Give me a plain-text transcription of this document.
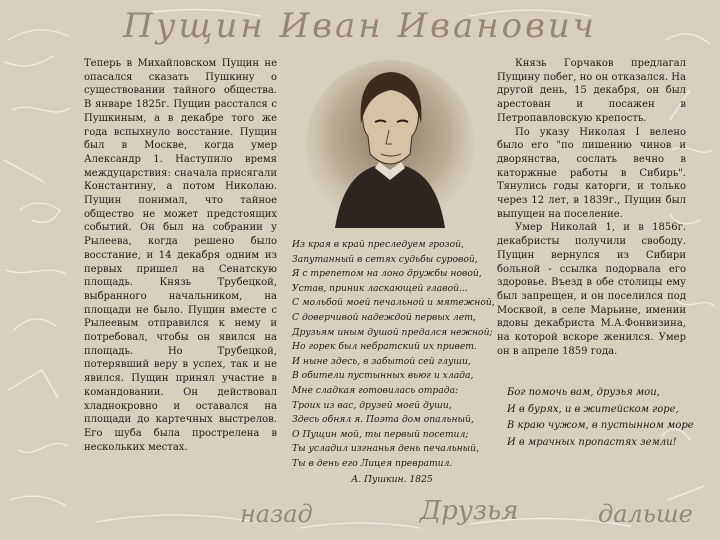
Пущин Иван Иванович

Теперь в Михайловском Пущин не опасался сказать Пушкину о существовании тайного общества. В январе 1825г. Пущин расстался с Пушкиным, а в декабре того же года вспыхнуло восстание. Пущин был в Москве, когда умер Александр 1. Наступило время междуцарствия: сначала присягали Константину, а потом Николаю. Пущин понимал, что тайное общество не может предстоящих событий. Он был на собрании у Рылеева, когда решено было восстание, и 14 декабря одним из первых пришел на Сенатскую площадь. Князь Трубецкой, выбранного начальником, на площади не было. Пущин вместе с Рылеевым отправился к нему и потребовал, чтобы он явился на площадь. Но Трубецкой, потерявший веру в успех, так и не явился. Пущин принял участие в командовании. Он действовал хладнокровно и оставался на площади до картечных выстрелов. Его шуба была прострелена в нескольких местах.

Из края в край преследуем грозой,
Запутанный в сетях судьбы суровой,
Я с трепетом на лоно дружбы новой,
Устав, приник ласкающей главой...
С мольбой моей печальной и мятежной,
С доверчивой надеждой первых лет,
Друзьям иным душой предался нежной;
Но горек был небратский их привет.
И ныне здесь, в забытой сей глуши,
В обители пустынных вьюг и хлада,
Мне сладкая готовилась отрада:
Троих из вас, друзей моей души,
Здесь обнял я. Поэта дом опальный,
О Пущин мой, ты первый посетил;
Ты усладил изгнанья день печальный,
Ты в день его Лицея превратил.
А. Пушкин. 1825

Князь Горчаков предлагал Пущину побег, но он отказался. На другой день, 15 декабря, он был арестован и посажен в Петропавловскую крепость.

По указу Николая I велено было его "по лишению чинов и дворянства, сослать вечно в каторжные работы в Сибирь". Тянулись годы каторги, и только через 12 лет, в 1839г., Пущин был выпущен на поселение.

Умер Николай 1, и в 1856г. декабристы получили свободу. Пущин вернулся из Сибири больной - ссылка подорвала его здоровье. Въезд в обе столицы ему был запрещен, и он поселился под Москвой, в селе Марьине, имении вдовы декабриста М.А.Фонвизина, на которой вскоре женился. Умер он в апреле 1859 года.

Бог помочь вам, друзья мои,
И в бурях, и в житейском горе,
В краю чужом, в пустынном море
И в мрачных пропастях земли!
назад	Друзья	дальше
